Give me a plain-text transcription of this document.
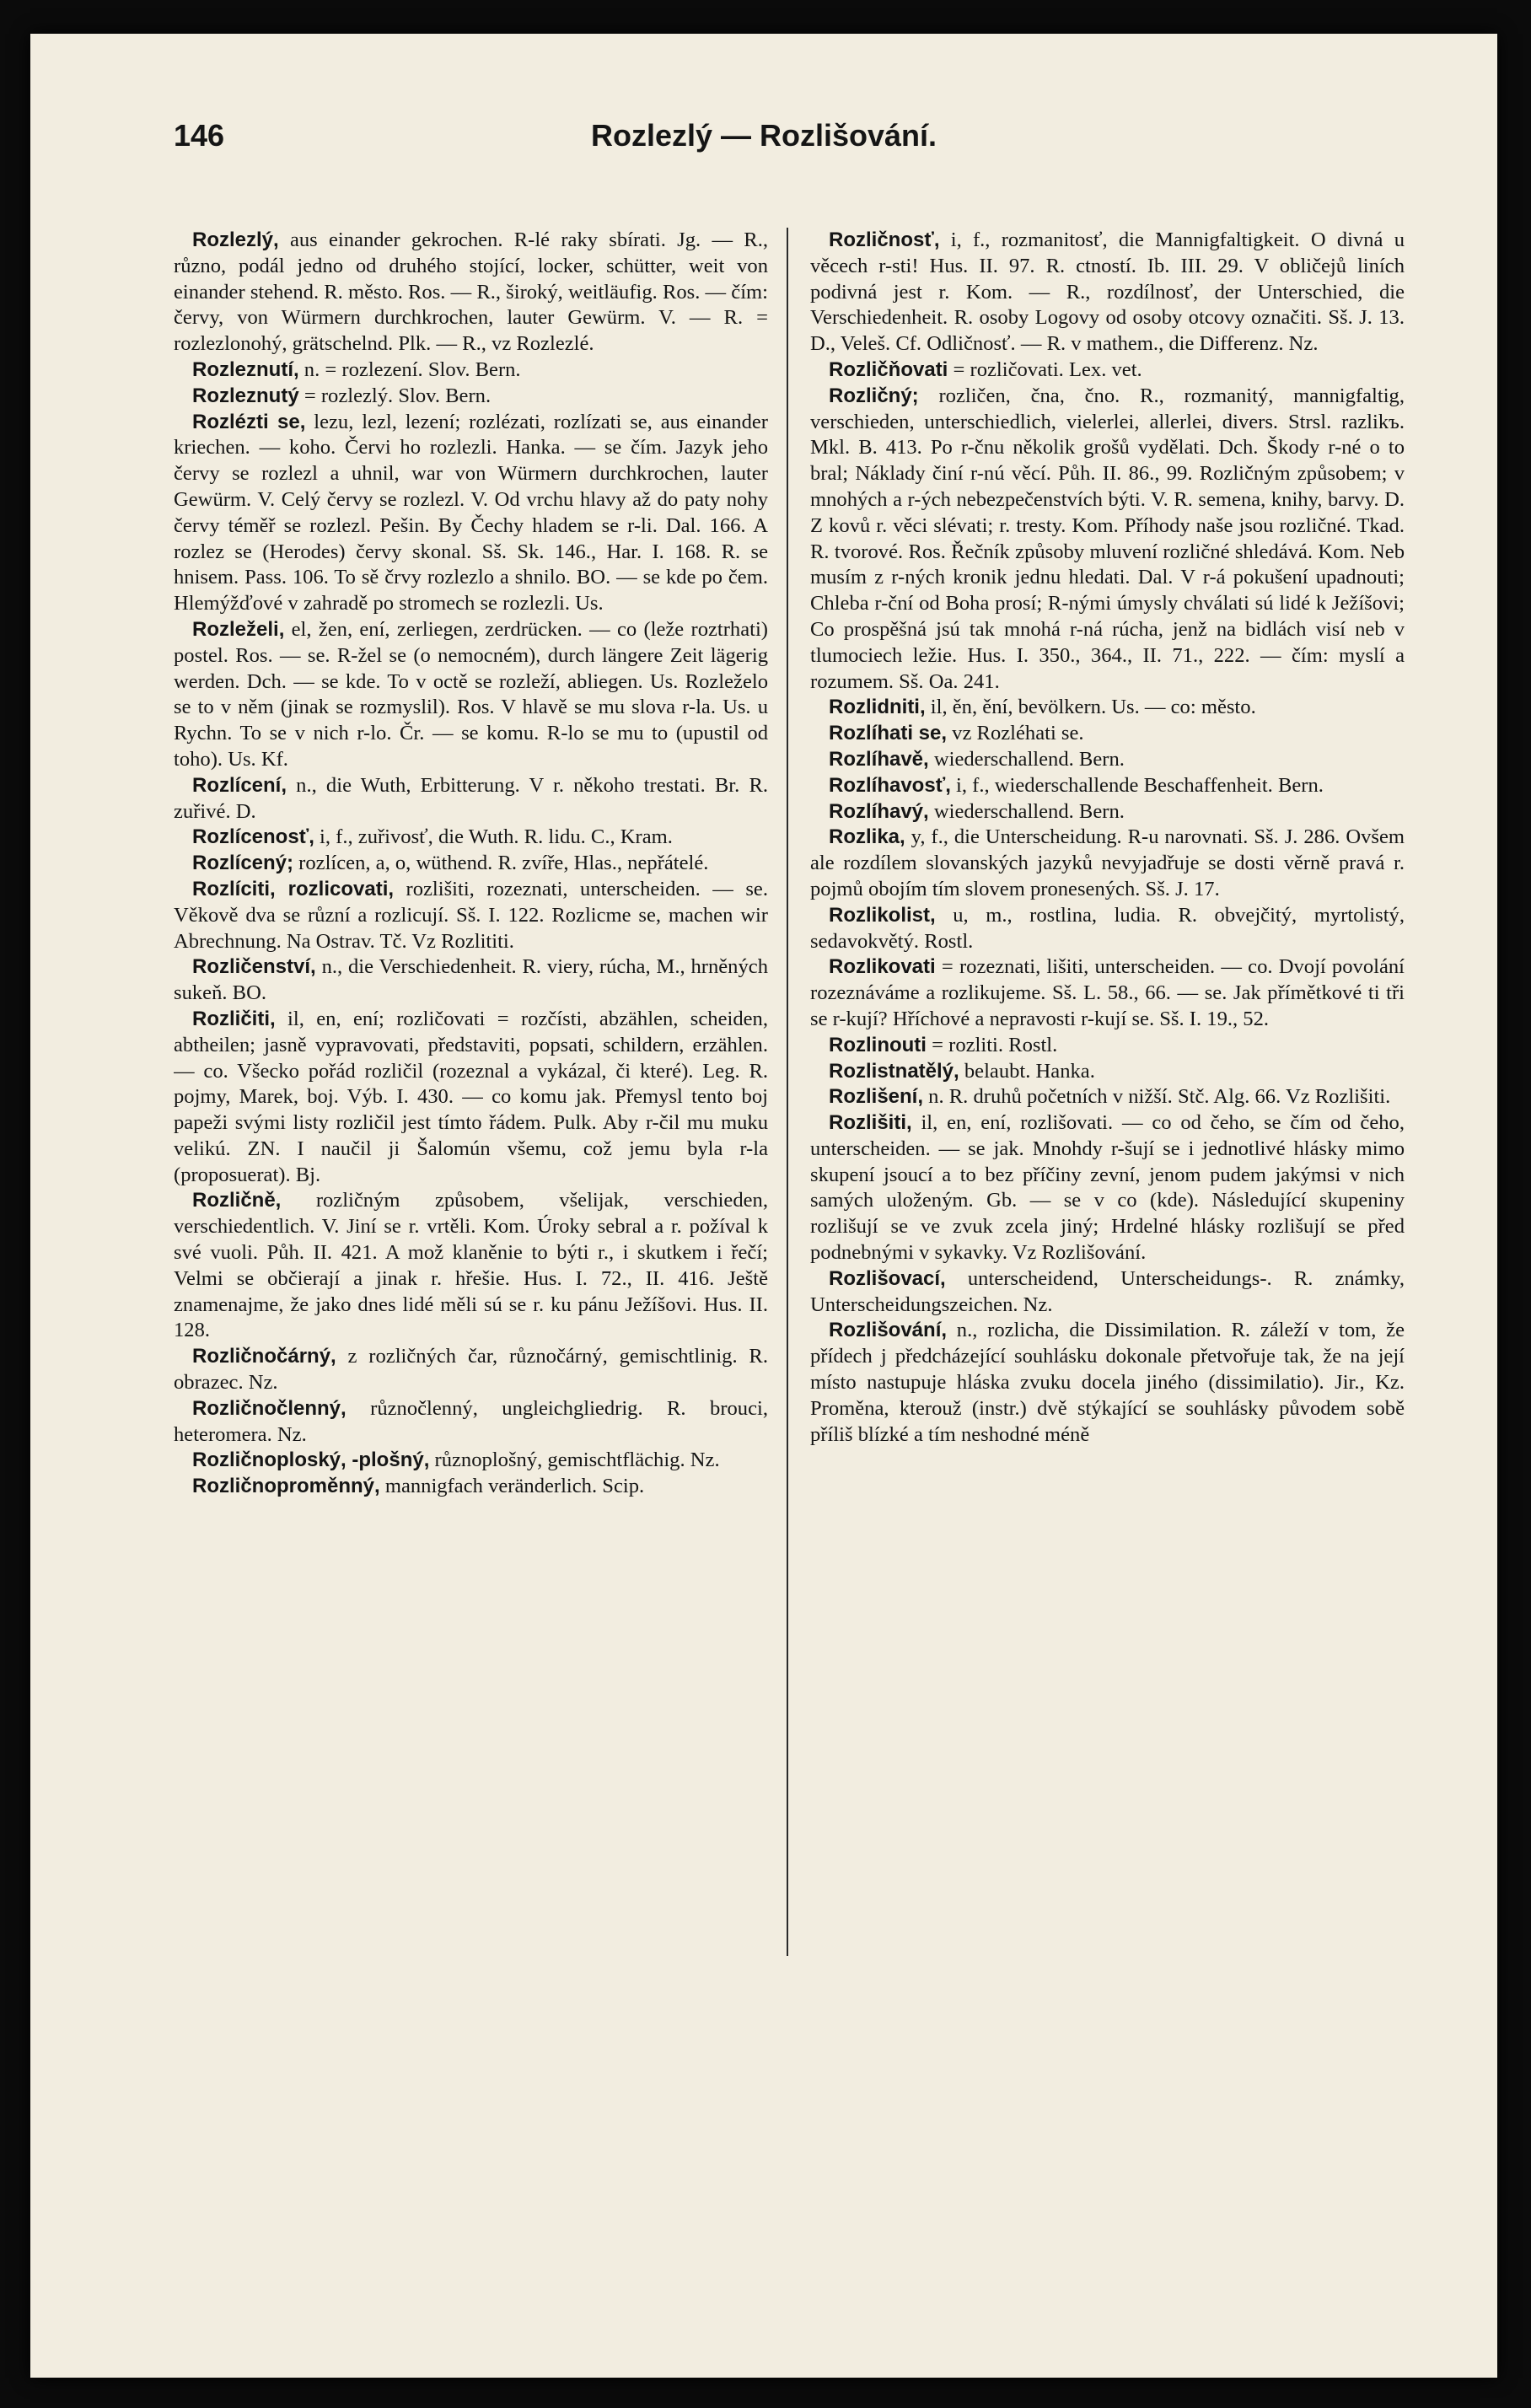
146	Rozlezlý — Rozlišování.

Rozlezlý, aus einander gekrochen. R-lé raky sbírati. Jg. — R., různo, podál jedno od druhého stojící, locker, schütter, weit von einander stehend. R. město. Ros. — R., široký, weitläufig. Ros. — čím: červy, von Würmern durchkrochen, lauter Gewürm. V. — R. = rozlezlonohý, grätschelnd. Plk. — R., vz Rozlezlé.

Rozleznutí, n. = rozlezení. Slov. Bern.

Rozleznutý = rozlezlý. Slov. Bern.

Rozlézti se, lezu, lezl, lezení; rozlézati, rozlízati se, aus einander kriechen. — koho. Červi ho rozlezli. Hanka. — se čím. Jazyk jeho červy se rozlezl a uhnil, war von Würmern durchkrochen, lauter Gewürm. V. Celý červy se rozlezl. V. Od vrchu hlavy až do paty nohy červy téměř se rozlezl. Pešin. By Čechy hladem se r-li. Dal. 166. A rozlez se (Herodes) červy skonal. Sš. Sk. 146., Har. I. 168. R. se hnisem. Pass. 106. To sě črvy rozlezlo a shnilo. BO. — se kde po čem. Hlemýžďové v zahradě po stromech se rozlezli. Us.

Rozleželi, el, žen, ení, zerliegen, zerdrücken. — co (leže roztrhati) postel. Ros. — se. R-žel se (o nemocném), durch längere Zeit lägerig werden. Dch. — se kde. To v octě se rozleží, abliegen. Us. Rozleželo se to v něm (jinak se rozmyslil). Ros. V hlavě se mu slova r-la. Us. u Rychn. To se v nich r-lo. Čr. — se komu. R-lo se mu to (upustil od toho). Us. Kf.

Rozlícení, n., die Wuth, Erbitterung. V r. někoho trestati. Br. R. zuřivé. D.

Rozlícenosť, i, f., zuřivosť, die Wuth. R. lidu. C., Kram.

Rozlícený; rozlícen, a, o, wüthend. R. zvíře, Hlas., nepřátelé.

Rozlíciti, rozlicovati, rozlišiti, rozeznati, unterscheiden. — se. Věkově dva se různí a rozlicují. Sš. I. 122. Rozlicme se, machen wir Abrechnung. Na Ostrav. Tč. Vz Rozlititi.

Rozličenství, n., die Verschiedenheit. R. viery, rúcha, M., hrněných sukeň. BO.

Rozličiti, il, en, ení; rozličovati = rozčísti, abzählen, scheiden, abtheilen; jasně vypravovati, představiti, popsati, schildern, erzählen. — co. Všecko pořád rozličil (rozeznal a vykázal, či které). Leg. R. pojmy, Marek, boj. Výb. I. 430. — co komu jak. Přemysl tento boj papeži svými listy rozličil jest tímto řádem. Pulk. Aby r-čil mu muku velikú. ZN. I naučil ji Šalomún všemu, což jemu byla r-la (proposuerat). Bj.

Rozličně, rozličným způsobem, všelijak, verschieden, verschiedentlich. V. Jiní se r. vrtěli. Kom. Úroky sebral a r. požíval k své vuoli. Půh. II. 421. A mož klaněnie to býti r., i skutkem i řečí; Velmi se občierají a jinak r. hřešie. Hus. I. 72., II. 416. Ještě znamenajme, že jako dnes lidé měli sú se r. ku pánu Ježíšovi. Hus. II. 128.

Rozličnočárný, z rozličných čar, různočárný, gemischtlinig. R. obrazec. Nz.

Rozličnočlenný, různočlenný, ungleichgliedrig. R. brouci, heteromera. Nz.

Rozličnoploský, -plošný, různoplošný, gemischtflächig. Nz.

Rozličnoproměnný, mannigfach veränderlich. Scip.

Rozličnosť, i, f., rozmanitosť, die Mannigfaltigkeit. O divná u věcech r-sti! Hus. II. 97. R. ctností. Ib. III. 29. V obličejů liních podivná jest r. Kom. — R., rozdílnosť, der Unterschied, die Verschiedenheit. R. osoby Logovy od osoby otcovy označiti. Sš. J. 13. D., Veleš. Cf. Odličnosť. — R. v mathem., die Differenz. Nz.

Rozličňovati = rozličovati. Lex. vet.

Rozličný; rozličen, čna, čno. R., rozmanitý, mannigfaltig, verschieden, unterschiedlich, vielerlei, allerlei, divers. Strsl. razlikъ. Mkl. B. 413. Po r-čnu několik grošů vydělati. Dch. Škody r-né o to bral; Náklady činí r-nú věcí. Půh. II. 86., 99. Rozličným způsobem; v mnohých a r-ých nebezpečenstvích býti. V. R. semena, knihy, barvy. D. Z kovů r. věci slévati; r. tresty. Kom. Příhody naše jsou rozličné. Tkad. R. tvorové. Ros. Řečník způsoby mluvení rozličné shledává. Kom. Neb musím z r-ných kronik jednu hledati. Dal. V r-á pokušení upadnouti; Chleba r-ční od Boha prosí; R-nými úmysly chválati sú lidé k Ježíšovi; Co prospěšná jsú tak mnohá r-ná rúcha, jenž na bidlách visí neb v tlumociech ležie. Hus. I. 350., 364., II. 71., 222. — čím: myslí a rozumem. Sš. Oa. 241.

Rozlidniti, il, ěn, ění, bevölkern. Us. — co: město.

Rozlíhati se, vz Rozléhati se.

Rozlíhavě, wiederschallend. Bern.

Rozlíhavosť, i, f., wiederschallende Beschaffenheit. Bern.

Rozlíhavý, wiederschallend. Bern.

Rozlika, y, f., die Unterscheidung. R-u narovnati. Sš. J. 286. Ovšem ale rozdílem slovanských jazyků nevyjadřuje se dosti věrně pravá r. pojmů obojím tím slovem pronesených. Sš. J. 17.

Rozlikolist, u, m., rostlina, ludia. R. obvejčitý, myrtolistý, sedavokvětý. Rostl.

Rozlikovati = rozeznati, lišiti, unterscheiden. — co. Dvojí povolání rozeznáváme a rozlikujeme. Sš. L. 58., 66. — se. Jak přímětkové ti tři se r-kují? Hříchové a nepravosti r-kují se. Sš. I. 19., 52.

Rozlinouti = rozliti. Rostl.

Rozlistnatělý, belaubt. Hanka.

Rozlišení, n. R. druhů početních v nižší. Stč. Alg. 66. Vz Rozlišiti.

Rozlišiti, il, en, ení, rozlišovati. — co od čeho, se čím od čeho, unterscheiden. — se jak. Mnohdy r-šují se i jednotlivé hlásky mimo skupení jsoucí a to bez příčiny zevní, jenom pudem jakýmsi v nich samých uloženým. Gb. — se v co (kde). Následující skupeniny rozlišují se ve zvuk zcela jiný; Hrdelné hlásky rozlišují se před podnebnými v sykavky. Vz Rozlišování.

Rozlišovací, unterscheidend, Unterscheidungs-. R. známky, Unterscheidungszeichen. Nz.

Rozlišování, n., rozlicha, die Dissimilation. R. záleží v tom, že přídech j předcházející souhlásku dokonale přetvořuje tak, že na její místo nastupuje hláska zvuku docela jiného (dissimilatio). Jir., Kz. Proměna, kterouž (instr.) dvě stýkající se souhlásky původem sobě příliš blízké a tím neshodné méně
